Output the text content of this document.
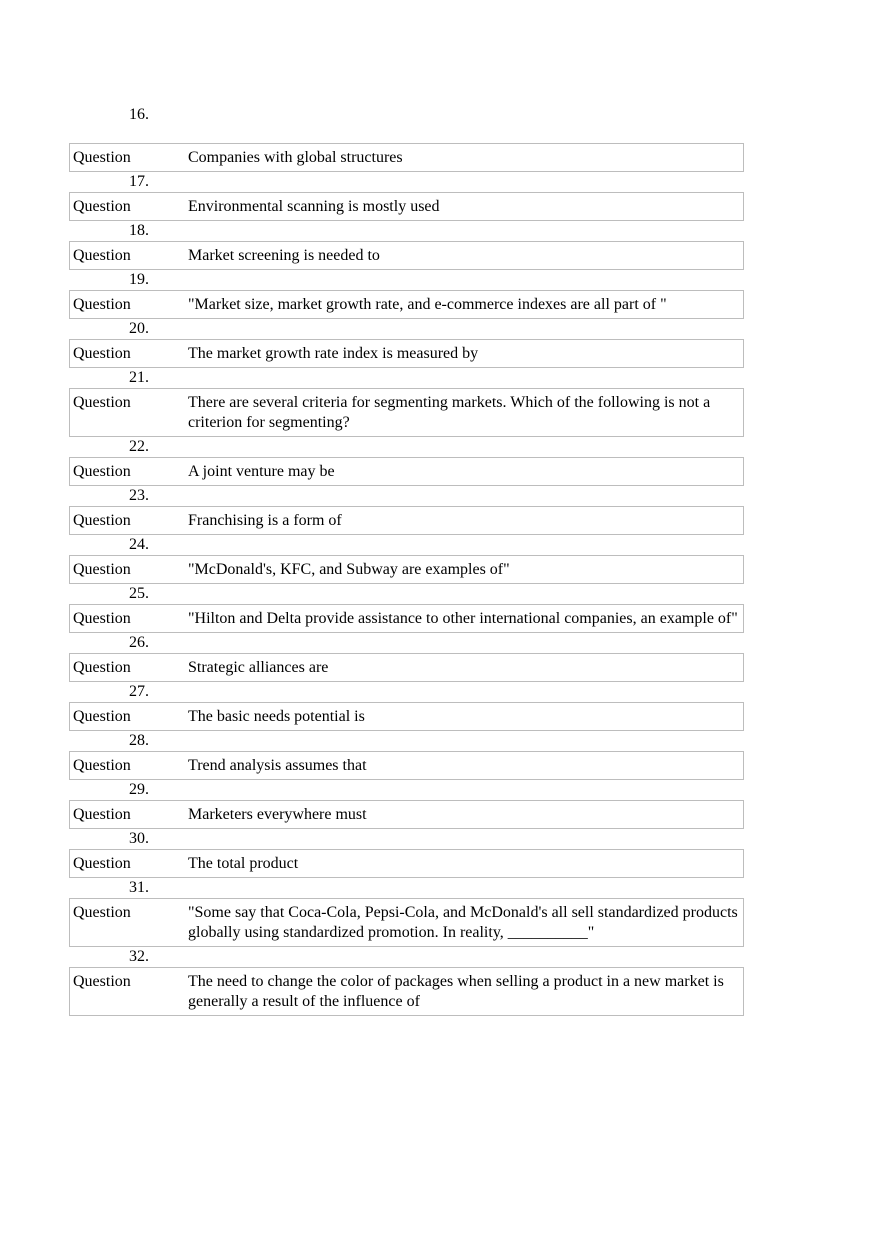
16.
Question	Companies with global structures
17.
Question	Environmental scanning is mostly used
18.
Question	Market screening is needed to
19.
Question	"Market size, market growth rate, and e-commerce indexes are all part of "
20.
Question	The market growth rate index is measured by
21.
Question	There are several criteria for segmenting markets. Which of the following is not a criterion for segmenting?
22.
Question	A joint venture may be
23.
Question	Franchising is a form of
24.
Question	"McDonald's, KFC, and Subway are examples of"
25.
Question	"Hilton and Delta provide assistance to other international companies, an example of"
26.
Question	Strategic alliances are
27.
Question	The basic needs potential is
28.
Question	Trend analysis assumes that
29.
Question	Marketers everywhere must
30.
Question	The total product
31.
Question	"Some say that Coca-Cola, Pepsi-Cola, and McDonald's all sell standardized products globally using standardized promotion. In reality, __________"
32.
Question	The need to change the color of packages when selling a product in a new market is generally a result of the influence of
